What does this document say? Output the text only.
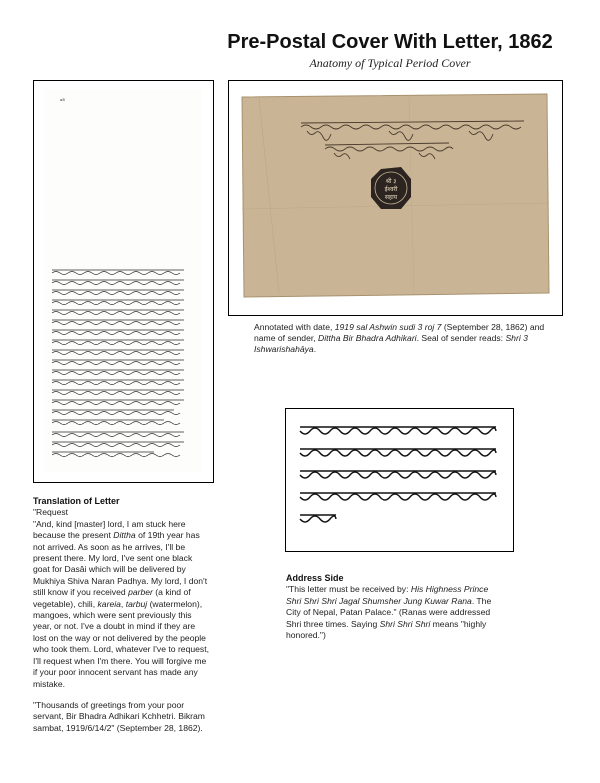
Pre-Postal Cover With Letter, 1862
Anatomy of Typical Period Cover
ₐ₈
श्री ३
ईश्वरी
सहाय
Annotated with date, 1919 sal Ashwin sudi 3 roj 7 (September 28, 1862) and name of sender, Dittha Bir Bhadra Adhikari. Seal of sender reads: Shri 3 Ishwarishahāya.
Translation of Letter

"Request

"And, kind [master] lord, I am stuck here

because the present Dittha of 19th year has

not arrived. As soon as he arrives, I'll be

present there. My lord, I've sent one black

goat for Dasâi which will be delivered by

Mukhiya Shiva Naran Padhya. My lord, I don't

still know if you received parber (a kind of

vegetable), chili, kareia, tarbuj (watermelon),

mangoes, which were sent previously this

year, or not. I've a doubt in mind if they are

lost on the way or not delivered by the people

who took them. Lord, whatever I've to request,

I'll request when I'm there. You will forgive me

if your poor innocent servant has made any

mistake.

"Thousands of greetings from your poor

servant, Bir Bhadra Adhikari Kchhetri. Bikram

sambat, 1919/6/14/2" (September 28, 1862).

Address Side

"This letter must be received by: His Highness Prince

Shri Shri Shri Jagal Shumsher Jung Kuwar Rana. The

City of Nepal, Patan Palace." (Ranas were addressed

Shri three times. Saying Shri Shri Shri means "highly

honored.")
